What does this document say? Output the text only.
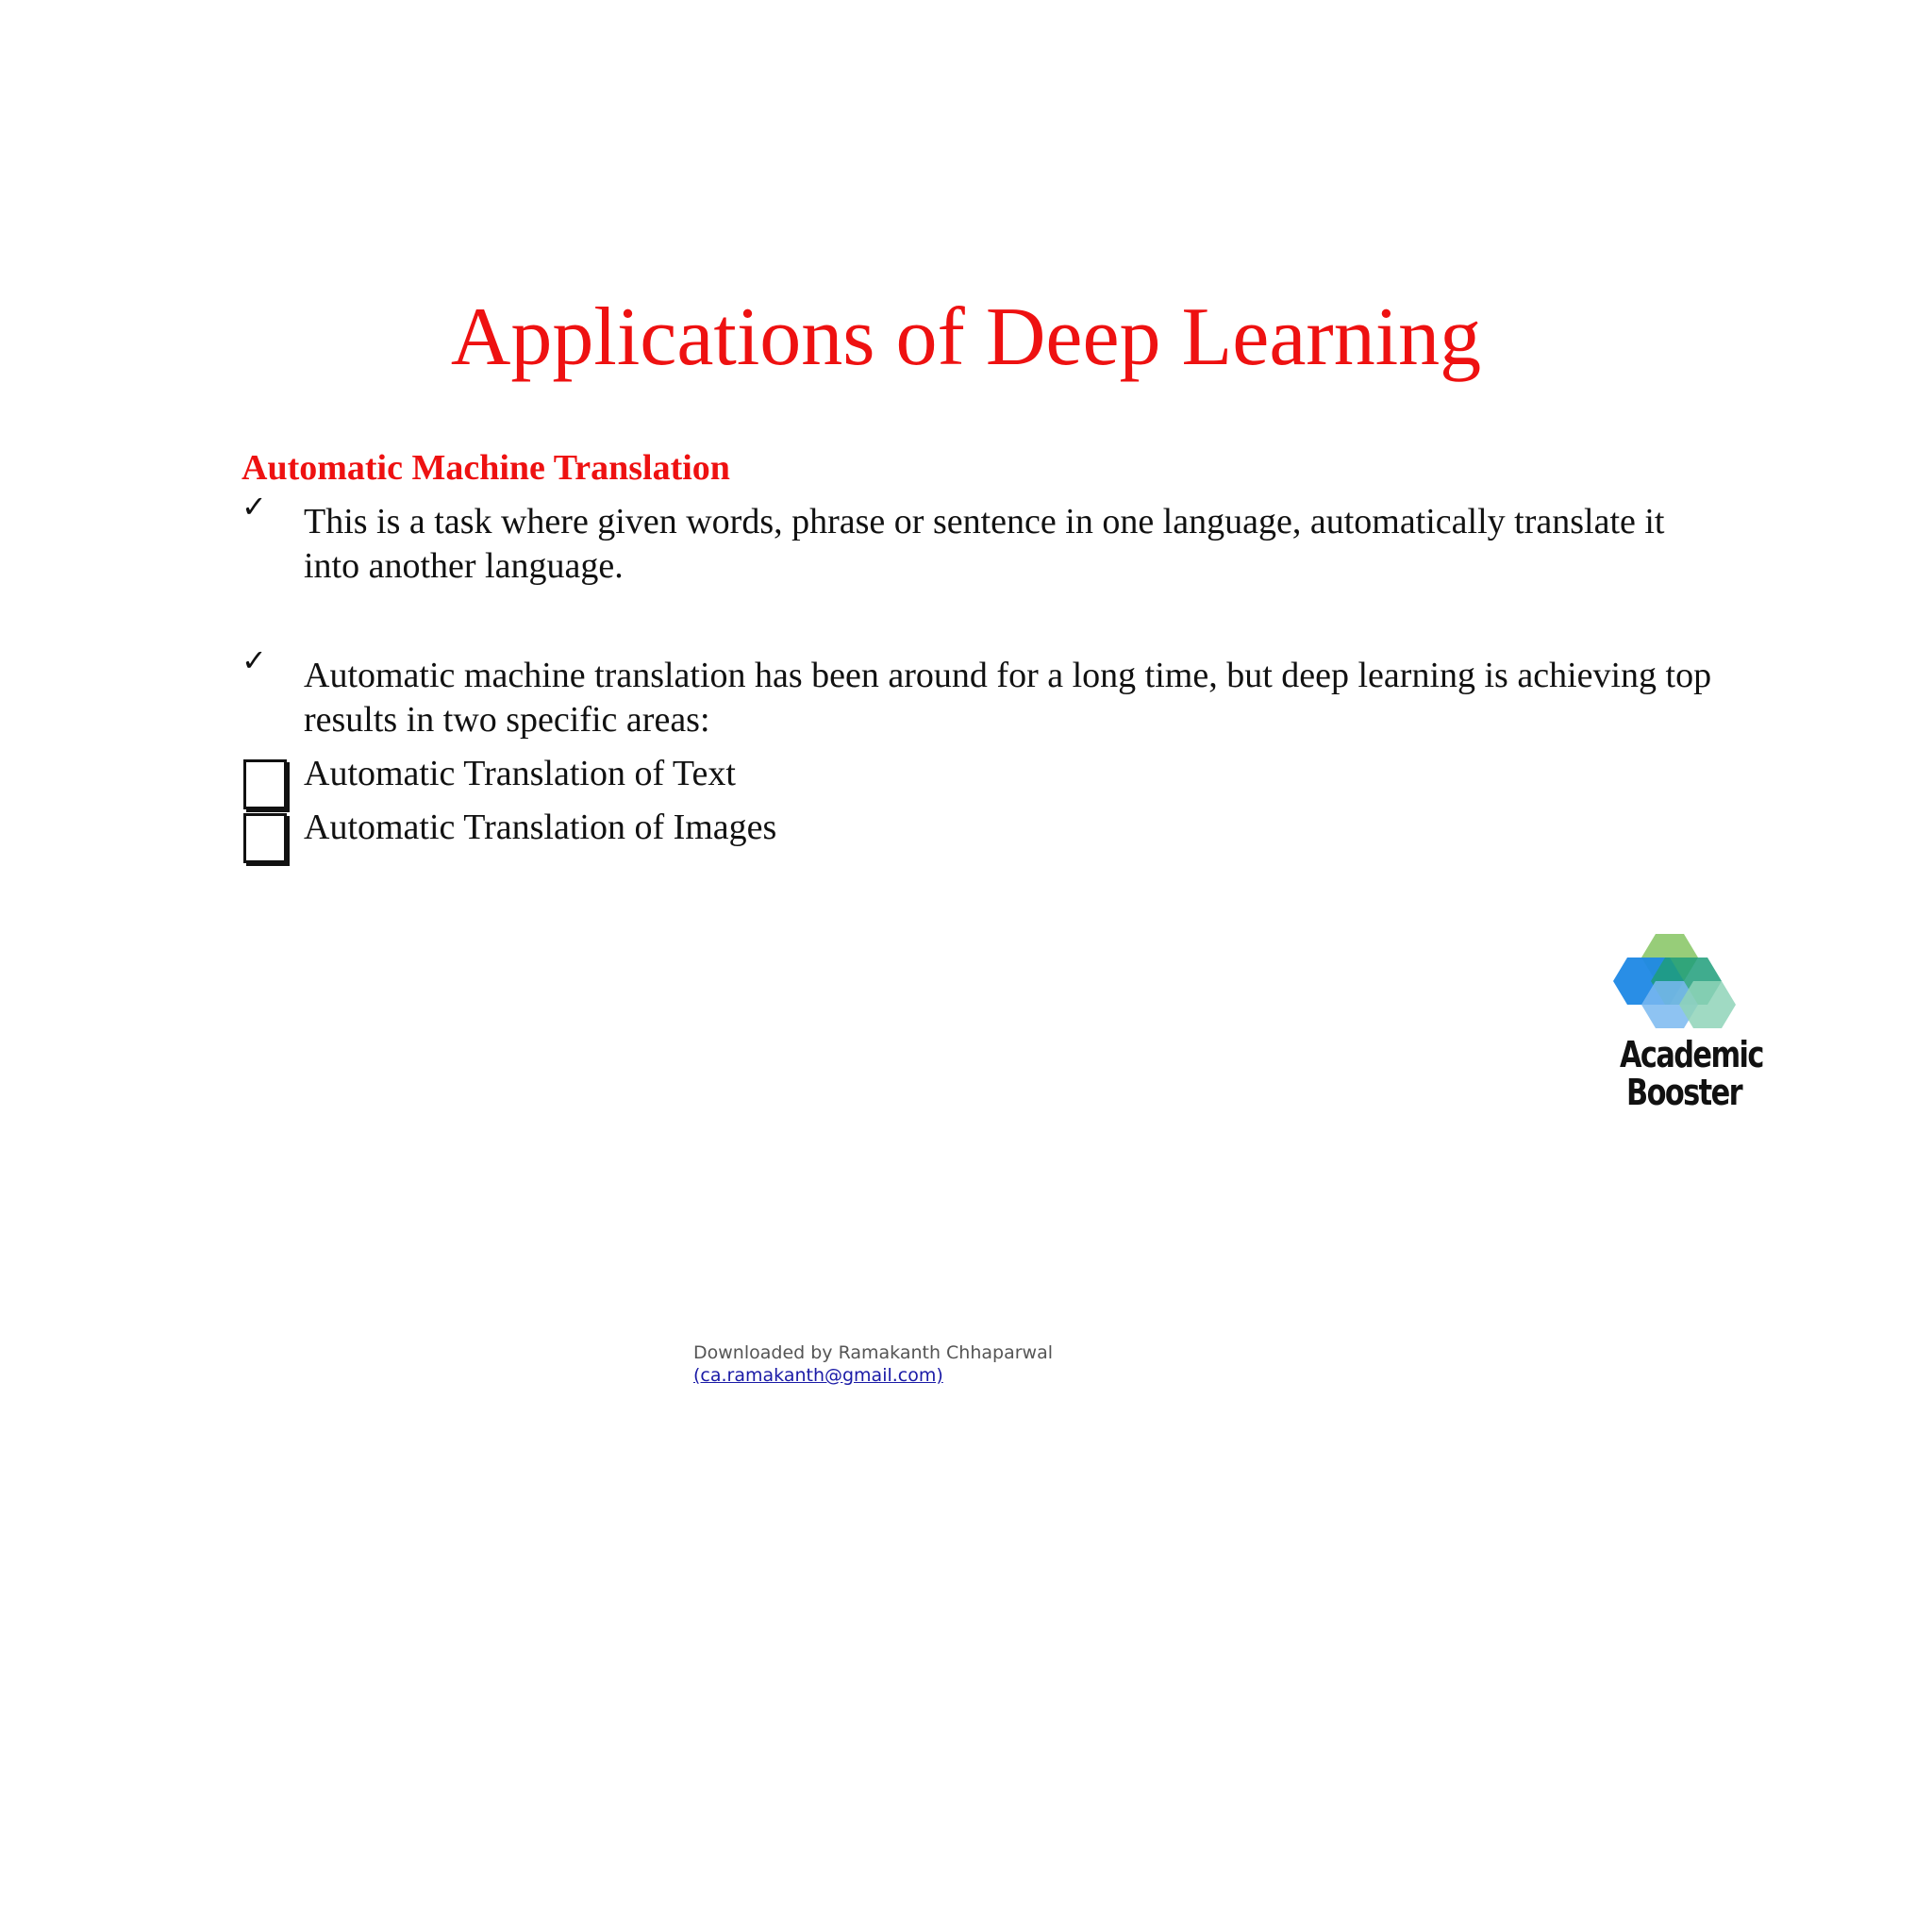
Applications of Deep Learning
Automatic Machine Translation
✓	This is a task where given words, phrase or sentence in one language, automatically translate it into another language.
✓	Automatic machine translation has been around for a long time, but deep learning is achieving top results in two specific areas:
Automatic Translation of Text
Automatic Translation of Images
Academic
Booster
Downloaded by Ramakanth Chhaparwal
(ca.ramakanth@gmail.com)
